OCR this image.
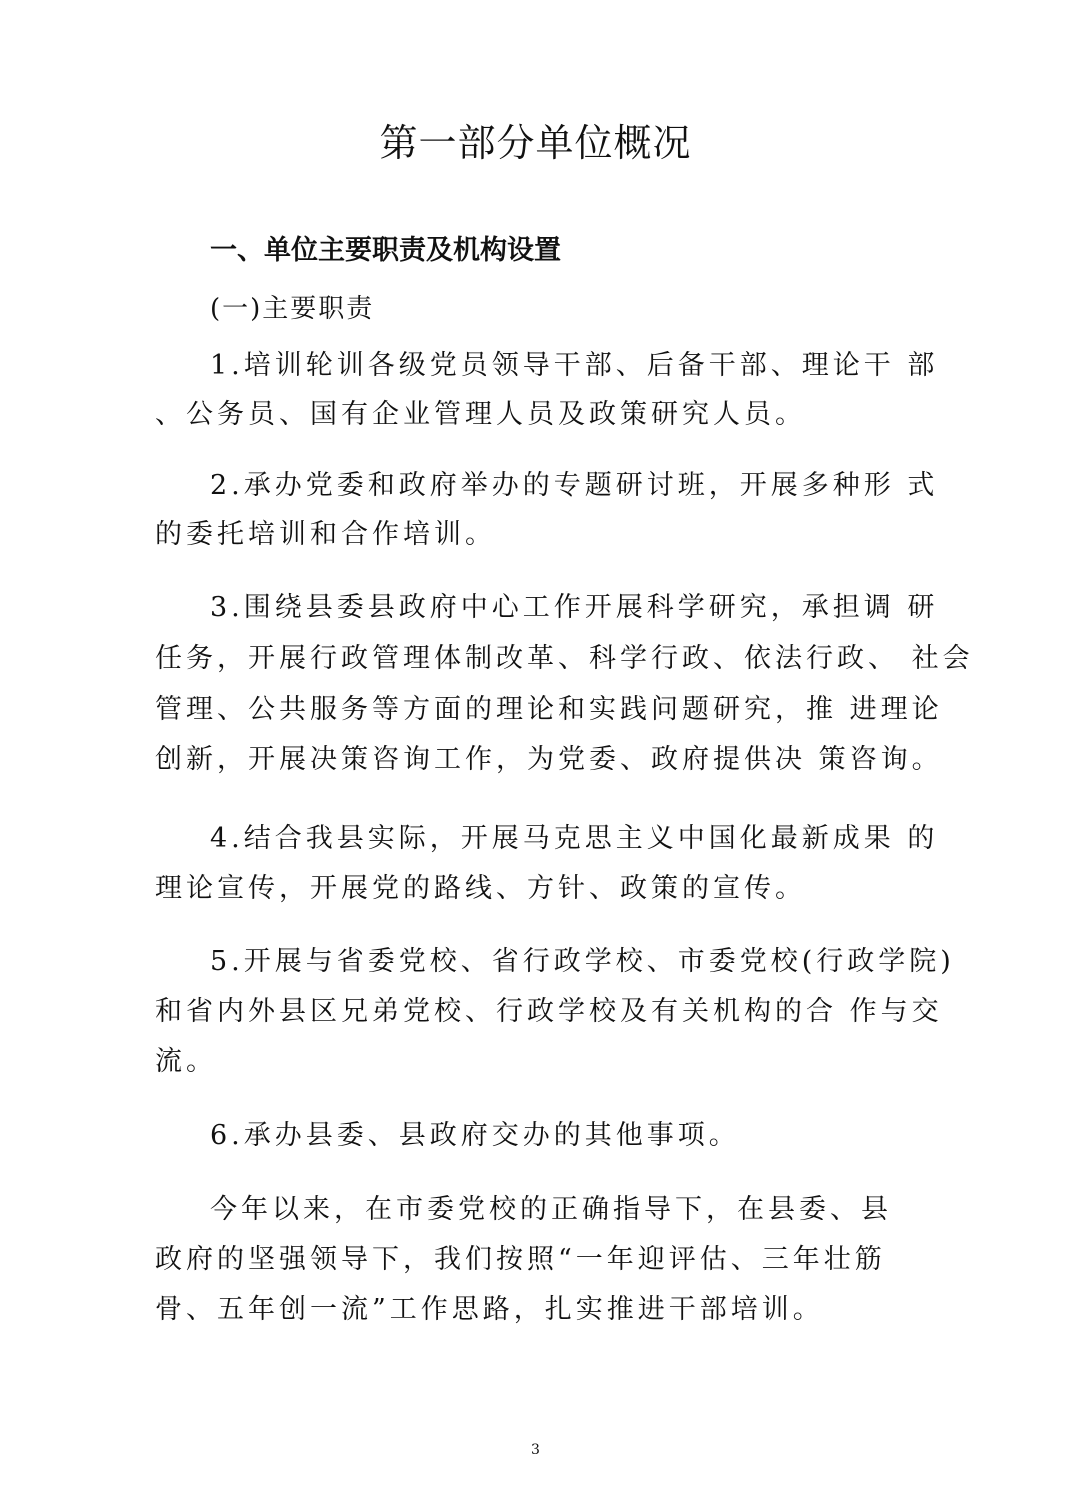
第一部分单位概况
一、单位主要职责及机构设置
(一)主要职责
1.培训轮训各级党员领导干部、后备干部、理论干 部
、公务员、国有企业管理人员及政策研究人员。
2.承办党委和政府举办的专题研讨班，开展多种形 式
的委托培训和合作培训。
3.围绕县委县政府中心工作开展科学研究，承担调 研
任务，开展行政管理体制改革、科学行政、依法行政、 社会
管理、公共服务等方面的理论和实践问题研究，推 进理论
创新，开展决策咨询工作，为党委、政府提供决 策咨询。
4.结合我县实际，开展马克思主义中国化最新成果 的
理论宣传，开展党的路线、方针、政策的宣传。
5.开展与省委党校、省行政学校、市委党校(行政学院)
和省内外县区兄弟党校、行政学校及有关机构的合 作与交
流。
6.承办县委、县政府交办的其他事项。
今年以来，在市委党校的正确指导下，在县委、县
政府的坚强领导下，我们按照“一年迎评估、三年壮筋
骨、五年创一流”工作思路，扎实推进干部培训。
3
